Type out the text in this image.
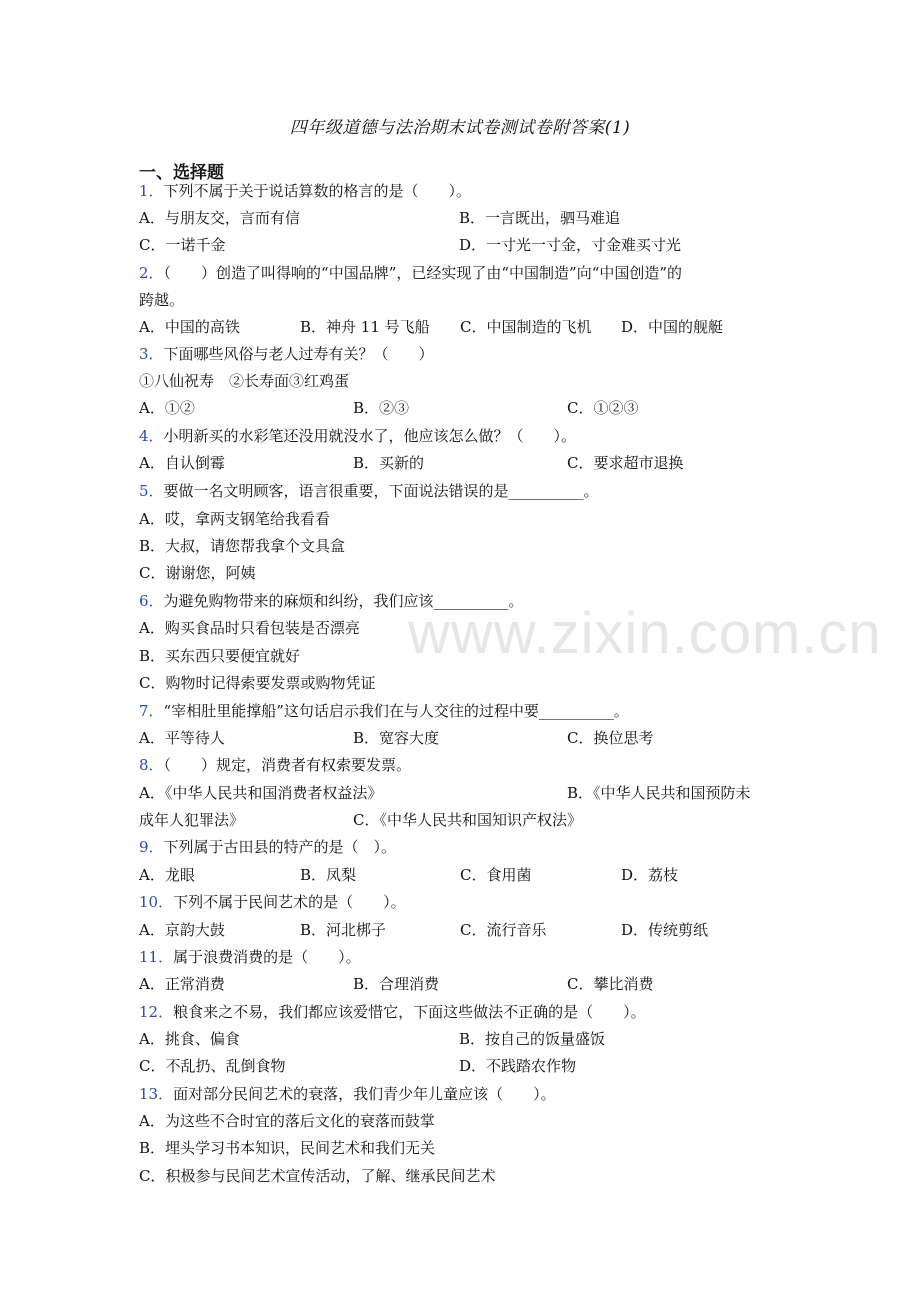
www.zixin.com.cn
四年级道德与法治期末试卷测试卷附答案(1)
一、选择题
1．下列不属于关于说话算数的格言的是（　　）。
A．与朋友交，言而有信	B．一言既出，驷马难追
C．一诺千金	D．一寸光一寸金，寸金难买寸光
2．（　　）创造了叫得响的“中国品牌”，已经实现了由“中国制造”向“中国创造”的
跨越。
A．中国的高铁	B．神舟 11 号飞船 C．中国制造的飞机 D．中国的舰艇
3．下面哪些风俗与老人过寿有关？（　　）
①八仙祝寿　②长寿面③红鸡蛋
A．①②	B．②③	C．①②③
4．小明新买的水彩笔还没用就没水了，他应该怎么做？（　　）。
A．自认倒霉	B．买新的	C．要求超市退换
5．要做一名文明顾客，语言很重要，下面说法错误的是__________。
A．哎，拿两支钢笔给我看看
B．大叔，请您帮我拿个文具盒
C．谢谢您，阿姨
6．为避免购物带来的麻烦和纠纷，我们应该__________。
A．购买食品时只看包装是否漂亮
B．买东西只要便宜就好
C．购物时记得索要发票或购物凭证
7．“宰相肚里能撑船”这句话启示我们在与人交往的过程中要__________。
A．平等待人	B．宽容大度	C．换位思考
8．（　　）规定，消费者有权索要发票。
A．《中华人民共和国消费者权益法》	B．《中华人民共和国预防未
成年人犯罪法》	C．《中华人民共和国知识产权法》
9．下列属于古田县的特产的是（　）。
A．龙眼	B．凤梨	C．食用菌	D．荔枝
10．下列不属于民间艺术的是（　　）。
A．京韵大鼓	B．河北梆子	C．流行音乐	D．传统剪纸
11．属于浪费消费的是（　　）。
A．正常消费	B．合理消费	C．攀比消费
12．粮食来之不易，我们都应该爱惜它，下面这些做法不正确的是（　　）。
A．挑食、偏食	B．按自己的饭量盛饭
C．不乱扔、乱倒食物	D．不践踏农作物
13．面对部分民间艺术的衰落，我们青少年儿童应该（　　）。
A．为这些不合时宜的落后文化的衰落而鼓掌
B．埋头学习书本知识，民间艺术和我们无关
C．积极参与民间艺术宣传活动，了解、继承民间艺术
